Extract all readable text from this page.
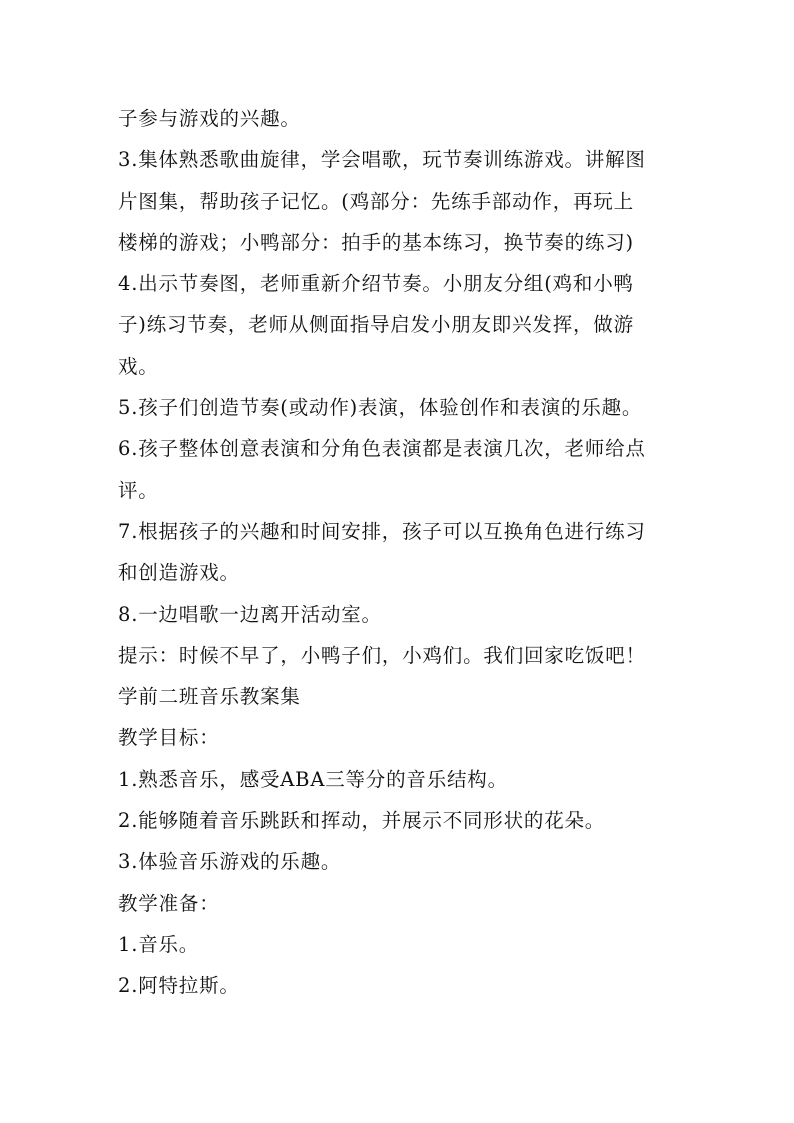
子参与游戏的兴趣。
3.集体熟悉歌曲旋律，学会唱歌，玩节奏训练游戏。讲解图
片图集，帮助孩子记忆。(鸡部分：先练手部动作，再玩上
楼梯的游戏；小鸭部分：拍手的基本练习，换节奏的练习)
4.出示节奏图，老师重新介绍节奏。小朋友分组(鸡和小鸭
子)练习节奏，老师从侧面指导启发小朋友即兴发挥，做游
戏。
5.孩子们创造节奏(或动作)表演，体验创作和表演的乐趣。
6.孩子整体创意表演和分角色表演都是表演几次，老师给点
评。
7.根据孩子的兴趣和时间安排，孩子可以互换角色进行练习
和创造游戏。
8.一边唱歌一边离开活动室。
提示：时候不早了，小鸭子们，小鸡们。我们回家吃饭吧！
学前二班音乐教案集
教学目标：
1.熟悉音乐，感受ABA三等分的音乐结构。
2.能够随着音乐跳跃和挥动，并展示不同形状的花朵。
3.体验音乐游戏的乐趣。
教学准备：
1.音乐。
2.阿特拉斯。
